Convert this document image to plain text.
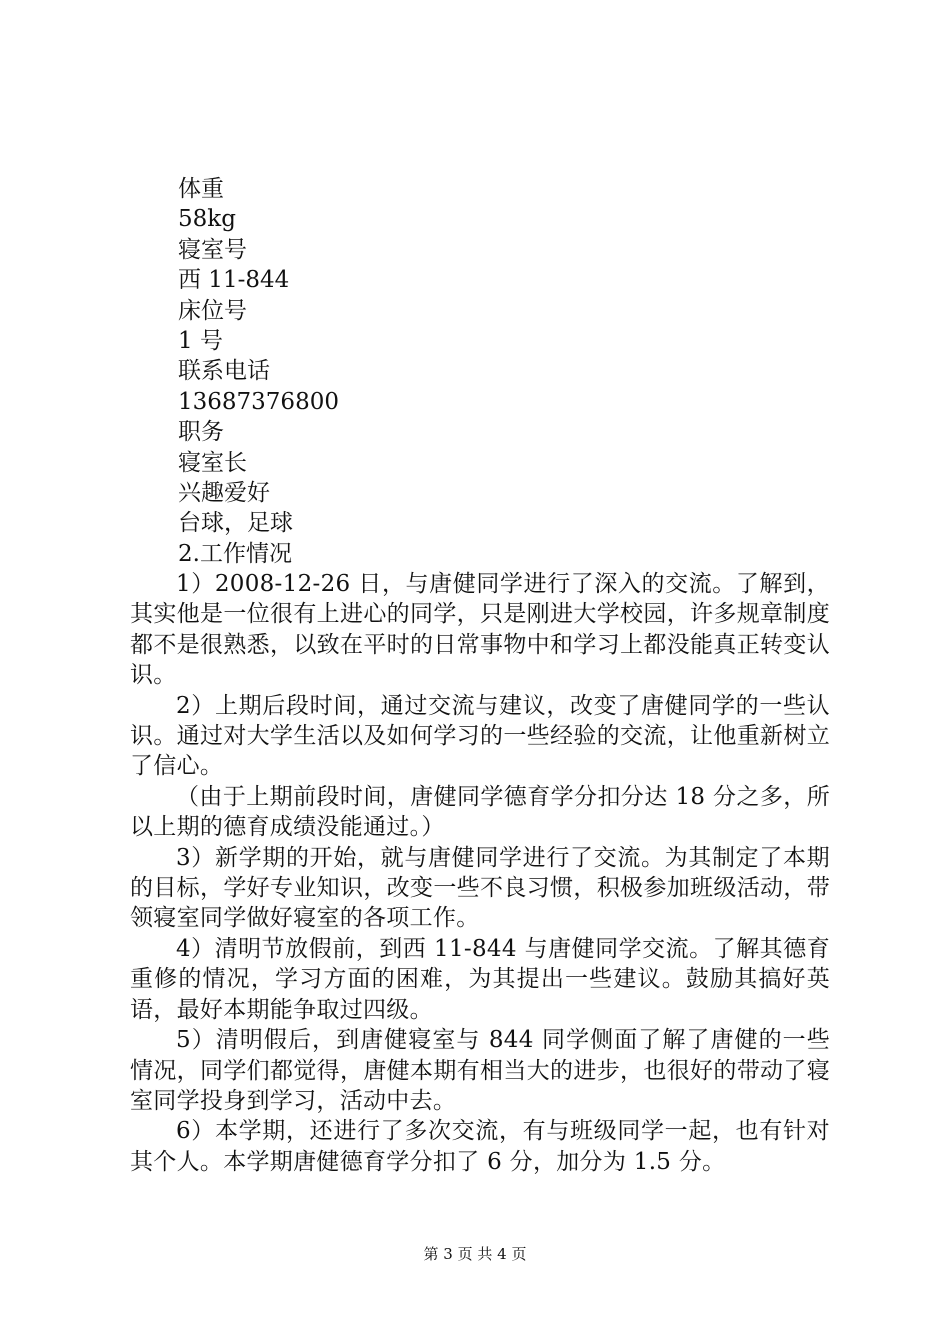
体重
58kg
寝室号
西 11-844
床位号
1 号
联系电话
13687376800
职务
寝室长
兴趣爱好
台球，足球
2.工作情况

1）2008-12-26 日，与唐健同学进行了深入的交流。了解到，其实他是一位很有上进心的同学，只是刚进大学校园，许多规章制度都不是很熟悉，以致在平时的日常事物中和学习上都没能真正转变认识。

2）上期后段时间，通过交流与建议，改变了唐健同学的一些认识。通过对大学生活以及如何学习的一些经验的交流，让他重新树立了信心。

（由于上期前段时间，唐健同学德育学分扣分达 18 分之多，所以上期的德育成绩没能通过。）

3）新学期的开始，就与唐健同学进行了交流。为其制定了本期的目标，学好专业知识，改变一些不良习惯，积极参加班级活动，带领寝室同学做好寝室的各项工作。

4）清明节放假前，到西 11-844 与唐健同学交流。了解其德育重修的情况，学习方面的困难，为其提出一些建议。鼓励其搞好英语，最好本期能争取过四级。

5）清明假后，到唐健寝室与 844 同学侧面了解了唐健的一些情况，同学们都觉得，唐健本期有相当大的进步，也很好的带动了寝室同学投身到学习，活动中去。

6）本学期，还进行了多次交流，有与班级同学一起，也有针对其个人。本学期唐健德育学分扣了 6 分，加分为 1.5 分。

第 3 页 共 4 页
